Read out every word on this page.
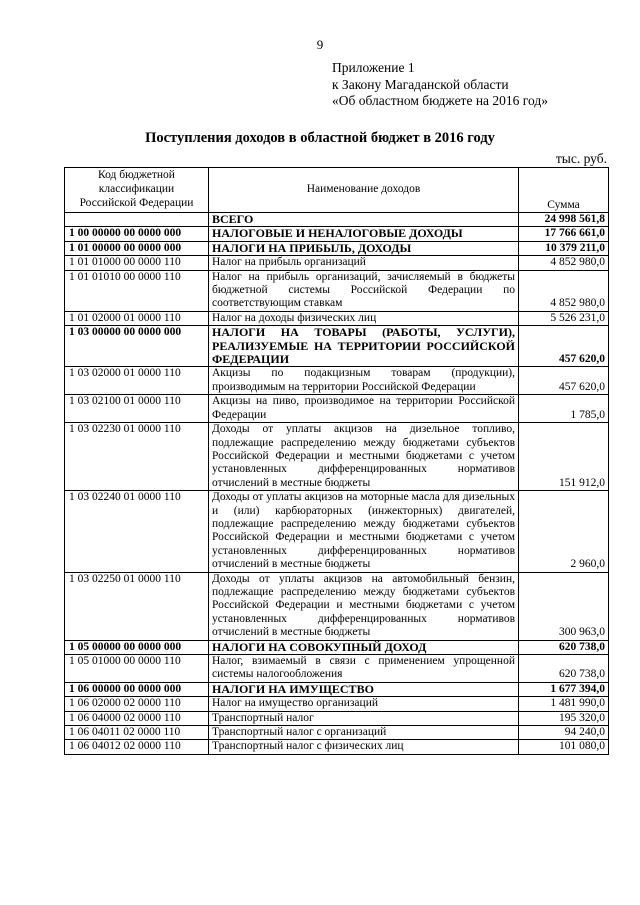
9
Приложение 1
к Закону Магаданской области
«Об областном бюджете на 2016 год»
Поступления доходов в областной бюджет в 2016 году
тыс. руб.
Код бюджетной
классификации
Российской Федерации	Наименование доходов	Сумма
	ВСЕГО	24 998 561,8
1 00 00000 00 0000 000	НАЛОГОВЫЕ И НЕНАЛОГОВЫЕ ДОХОДЫ	17 766 661,0
1 01 00000 00 0000 000	НАЛОГИ НА ПРИБЫЛЬ, ДОХОДЫ	10 379 211,0
1 01 01000 00 0000 110	Налог на прибыль организаций	4 852 980,0
1 01 01010 00 0000 110	Налог на прибыль организаций, зачисляемый в бюджеты бюджетной системы Российской Федерации по соответствующим ставкам	4 852 980,0
1 01 02000 01 0000 110	Налог на доходы физических лиц	5 526 231,0
1 03 00000 00 0000 000	НАЛОГИ НА ТОВАРЫ (РАБОТЫ, УСЛУГИ), РЕАЛИЗУЕМЫЕ НА ТЕРРИТОРИИ РОССИЙСКОЙ ФЕДЕРАЦИИ	457 620,0
1 03 02000 01 0000 110	Акцизы по подакцизным товарам (продукции), производимым на территории Российской Федерации	457 620,0
1 03 02100 01 0000 110	Акцизы на пиво, производимое на территории Российской Федерации	1 785,0
1 03 02230 01 0000 110	Доходы от уплаты акцизов на дизельное топливо, подлежащие распределению между бюджетами субъектов Российской Федерации и местными бюджетами с учетом установленных дифференцированных нормативов отчислений в местные бюджеты	151 912,0
1 03 02240 01 0000 110	Доходы от уплаты акцизов на моторные масла для дизельных и (или) карбюраторных (инжекторных) двигателей, подлежащие распределению между бюджетами субъектов Российской Федерации и местными бюджетами с учетом установленных дифференцированных нормативов отчислений в местные бюджеты	2 960,0
1 03 02250 01 0000 110	Доходы от уплаты акцизов на автомобильный бензин, подлежащие распределению между бюджетами субъектов Российской Федерации и местными бюджетами с учетом установленных дифференцированных нормативов отчислений в местные бюджеты	300 963,0
1 05 00000 00 0000 000	НАЛОГИ НА СОВОКУПНЫЙ ДОХОД	620 738,0
1 05 01000 00 0000 110	Налог, взимаемый в связи с применением упрощенной системы налогообложения	620 738,0
1 06 00000 00 0000 000	НАЛОГИ НА ИМУЩЕСТВО	1 677 394,0
1 06 02000 02 0000 110	Налог на имущество организаций	1 481 990,0
1 06 04000 02 0000 110	Транспортный налог	195 320,0
1 06 04011 02 0000 110	Транспортный налог с организаций	94 240,0
1 06 04012 02 0000 110	Транспортный налог с физических лиц	101 080,0
